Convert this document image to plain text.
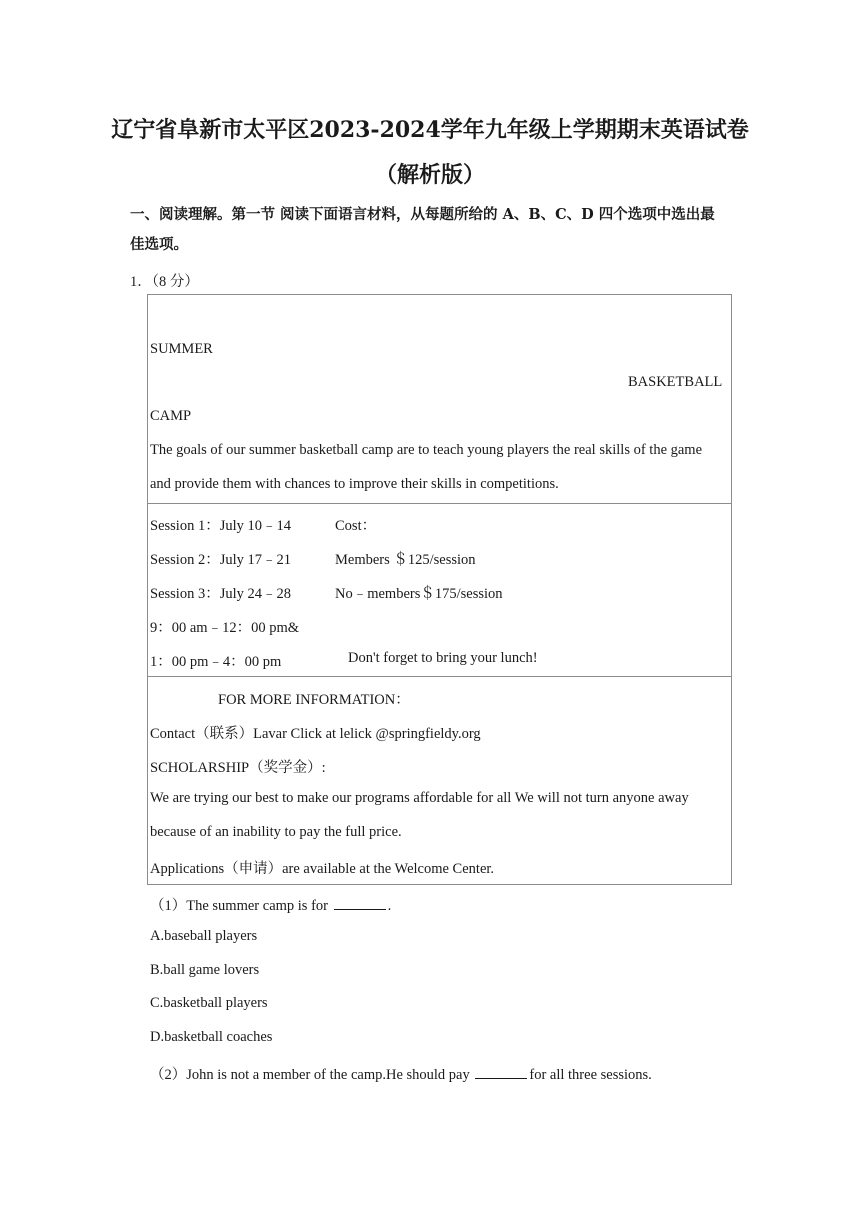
辽宁省阜新市太平区2023-2024学年九年级上学期期末英语试卷
（解析版）
一、阅读理解。第一节 阅读下面语言材料，从每题所给的 A、B、C、D 四个选项中选出最
佳选项。
1．（8 分）
SUMMER
BASKETBALL
CAMP
The goals of our summer basketball camp are to teach young players the real skills of the game
and provide them with chances to improve their skills in competitions.
Session 1：July 10﹣14	Cost：
Session 2：July 17﹣21	Members ＄125/session
Session 3：July 24﹣28	No﹣members＄175/session
9：00 am﹣12：00 pm&
1：00 pm﹣4：00 pm	Don't forget to bring your lunch!
FOR MORE INFORMATION：
Contact（联系）Lavar Click at lelick @springfieldy.org
SCHOLARSHIP（奖学金）:
We are trying our best to make our programs affordable for all We will not turn anyone away
because of an inability to pay the full price.
Applications（申请）are available at the Welcome Center.
（1）The summer camp is for	.
A.baseball players
B.ball game lovers
C.basketball players
D.basketball coaches
（2）John is not a member of the camp.He should pay	for all three sessions.
